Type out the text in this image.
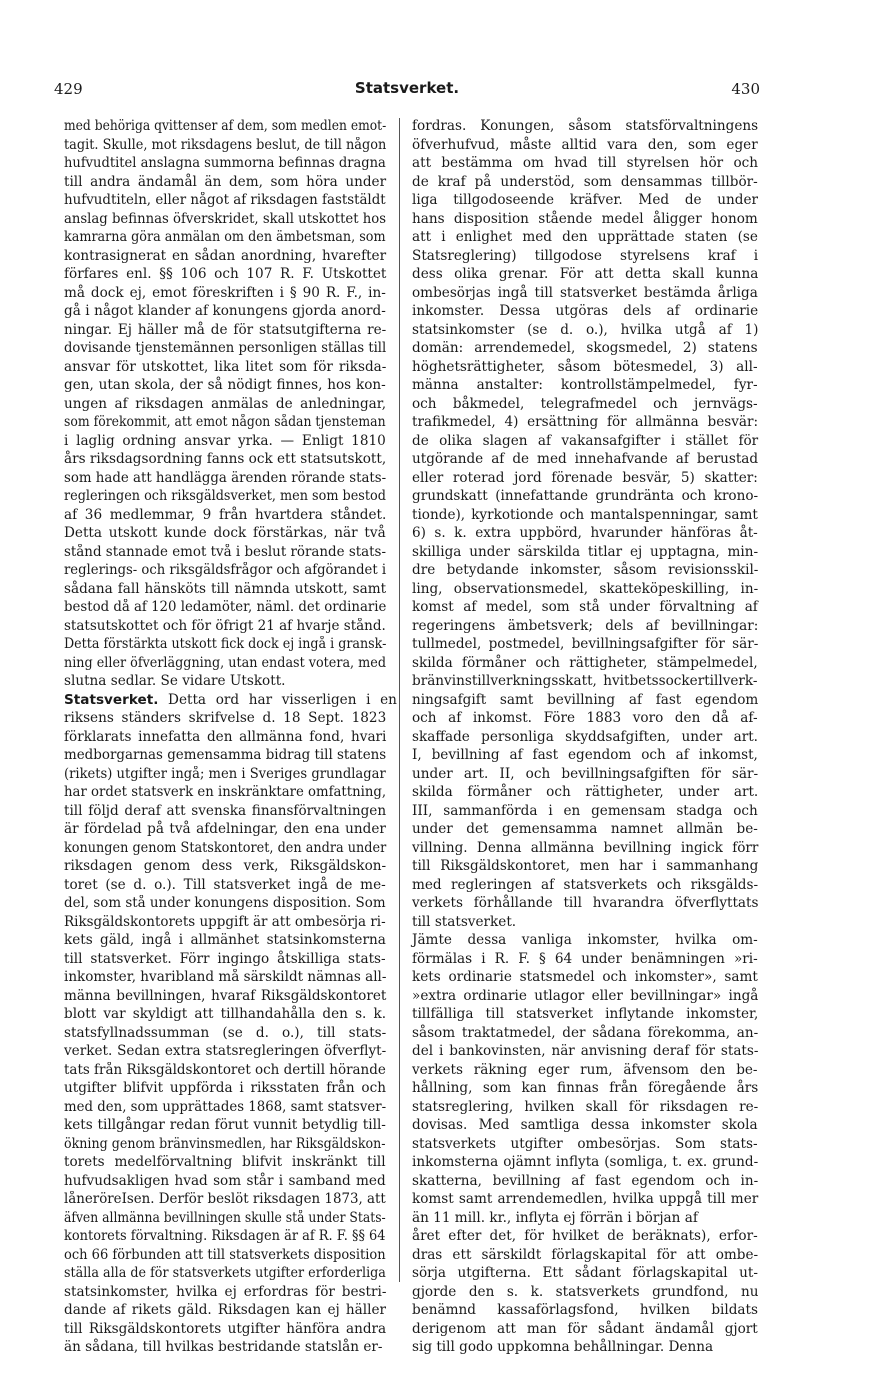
429	Statsverket.	430
med behöriga qvittenser af dem, som medlen emot-
tagit. Skulle, mot riksdagens beslut, de till någon
hufvudtitel anslagna summorna befinnas dragna
till andra ändamål än dem, som höra under
hufvudtiteln, eller något af riksdagen faststäldt
anslag befinnas öfverskridet, skall utskottet hos
kamrarna göra anmälan om den ämbetsman, som
kontrasignerat en sådan anordning, hvarefter
förfares enl. §§ 106 och 107 R. F. Utskottet
må dock ej, emot föreskriften i § 90 R. F., in-
gå i något klander af konungens gjorda anord-
ningar. Ej häller må de för statsutgifterna re-
dovisande tjenstemännen personligen ställas till
ansvar för utskottet, lika litet som för riksda-
gen, utan skola, der så nödigt finnes, hos kon-
ungen af riksdagen anmälas de anledningar,
som förekommit, att emot någon sådan tjensteman
i laglig ordning ansvar yrka. — Enligt 1810
års riksdagsordning fanns ock ett statsutskott,
som hade att handlägga ärenden rörande stats-
regleringen och riksgäldsverket, men som bestod
af 36 medlemmar, 9 från hvartdera ståndet.
Detta utskott kunde dock förstärkas, när två
stånd stannade emot två i beslut rörande stats-
reglerings- och riksgäldsfrågor och afgörandet i
sådana fall hänsköts till nämnda utskott, samt
bestod då af 120 ledamöter, näml. det ordinarie
statsutskottet och för öfrigt 21 af hvarje stånd.
Detta förstärkta utskott fick dock ej ingå i gransk-
ning eller öfverläggning, utan endast votera, med
slutna sedlar. Se vidare Utskott.
Statsverket. Detta ord har visserligen i en
riksens ständers skrifvelse d. 18 Sept. 1823
förklarats innefatta den allmänna fond, hvari
medborgarnas gemensamma bidrag till statens
(rikets) utgifter ingå; men i Sveriges grundlagar
har ordet statsverk en inskränktare omfattning,
till följd deraf att svenska finansförvaltningen
är fördelad på två afdelningar, den ena under
konungen genom Statskontoret, den andra under
riksdagen genom dess verk, Riksgäldskon-
toret (se d. o.). Till statsverket ingå de me-
del, som stå under konungens disposition. Som
Riksgäldskontorets uppgift är att ombesörja ri-
kets gäld, ingå i allmänhet statsinkomsterna
till statsverket. Förr ingingo åtskilliga stats-
inkomster, hvaribland må särskildt nämnas all-
männa bevillningen, hvaraf Riksgäldskontoret
blott var skyldigt att tillhandahålla den s. k.
statsfyllnadssumman (se d. o.), till stats-
verket. Sedan extra statsregleringen öfverflyt-
tats från Riksgäldskontoret och dertill hörande
utgifter blifvit uppförda i riksstaten från och
med den, som upprättades 1868, samt statsver-
kets tillgångar redan förut vunnit betydlig till-
ökning genom bränvinsmedlen, har Riksgäldskon-
torets medelförvaltning blifvit inskränkt till
hufvudsakligen hvad som står i samband med
låneröreIsen. Derför beslöt riksdagen 1873, att
äfven allmänna bevillningen skulle stå under Stats-
kontorets förvaltning. Riksdagen är af R. F. §§ 64
och 66 förbunden att till statsverkets disposition
ställa alla de för statsverkets utgifter erforderliga
statsinkomster, hvilka ej erfordras för bestri-
dande af rikets gäld. Riksdagen kan ej häller
till Riksgäldskontorets utgifter hänföra andra
än sådana, till hvilkas bestridande statslån er-
fordras. Konungen, såsom statsförvaltningens
öfverhufvud, måste alltid vara den, som eger
att bestämma om hvad till styrelsen hör och
de kraf på understöd, som densammas tillbör-
liga tillgodoseende kräfver. Med de under
hans disposition stående medel åligger honom
att i enlighet med den upprättade staten (se
Statsreglering) tillgodose styrelsens kraf i
dess olika grenar. För att detta skall kunna
ombesörjas ingå till statsverket bestämda årliga
inkomster. Dessa utgöras dels af ordinarie
statsinkomster (se d. o.), hvilka utgå af 1)
domän: arrendemedel, skogsmedel, 2) statens
höghetsrättigheter, såsom bötesmedel, 3) all-
männa anstalter: kontrollstämpelmedel, fyr-
och båkmedel, telegrafmedel och jernvägs-
trafikmedel, 4) ersättning för allmänna besvär:
de olika slagen af vakansafgifter i stället för
utgörande af de med innehafvande af berustad
eller roterad jord förenade besvär, 5) skatter:
grundskatt (innefattande grundränta och krono-
tionde), kyrkotionde och mantalspenningar, samt
6) s. k. extra uppbörd, hvarunder hänföras åt-
skilliga under särskilda titlar ej upptagna, min-
dre betydande inkomster, såsom revisionsskil-
ling, observationsmedel, skatteköpeskilling, in-
komst af medel, som stå under förvaltning af
regeringens ämbetsverk; dels af bevillningar:
tullmedel, postmedel, bevillningsafgifter för sär-
skilda förmåner och rättigheter, stämpelmedel,
bränvinstillverkningsskatt, hvitbetssockertillverk-
ningsafgift samt bevillning af fast egendom
och af inkomst. Före 1883 voro den då af-
skaffade personliga skyddsafgiften, under art.
I, bevillning af fast egendom och af inkomst,
under art. II, och bevillningsafgiften för sär-
skilda förmåner och rättigheter, under art.
III, sammanförda i en gemensam stadga och
under det gemensamma namnet allmän be-
villning. Denna allmänna bevillning ingick förr
till Riksgäldskontoret, men har i sammanhang
med regleringen af statsverkets och riksgälds-
verkets förhållande till hvarandra öfverflyttats
till statsverket.
Jämte dessa vanliga inkomster, hvilka om-
förmälas i R. F. § 64 under benämningen »ri-
kets ordinarie statsmedel och inkomster», samt
»extra ordinarie utlagor eller bevillningar» ingå
tillfälliga till statsverket inflytande inkomster,
såsom traktatmedel, der sådana förekomma, an-
del i bankovinsten, när anvisning deraf för stats-
verkets räkning eger rum, äfvensom den be-
hållning, som kan finnas från föregående års
statsreglering, hvilken skall för riksdagen re-
dovisas. Med samtliga dessa inkomster skola
statsverkets utgifter ombesörjas. Som stats-
inkomsterna ojämnt inflyta (somliga, t. ex. grund-
skatterna, bevillning af fast egendom och in-
komst samt arrendemedlen, hvilka uppgå till mer
än 11 mill. kr., inflyta ej förrän i början af
året efter det, för hvilket de beräknats), erfor-
dras ett särskildt förlagskapital för att ombe-
sörja utgifterna. Ett sådant förlagskapital ut-
gjorde den s. k. statsverkets grundfond, nu
benämnd kassaförlagsfond, hvilken bildats
derigenom att man för sådant ändamål gjort
sig till godo uppkomna behållningar. Denna
